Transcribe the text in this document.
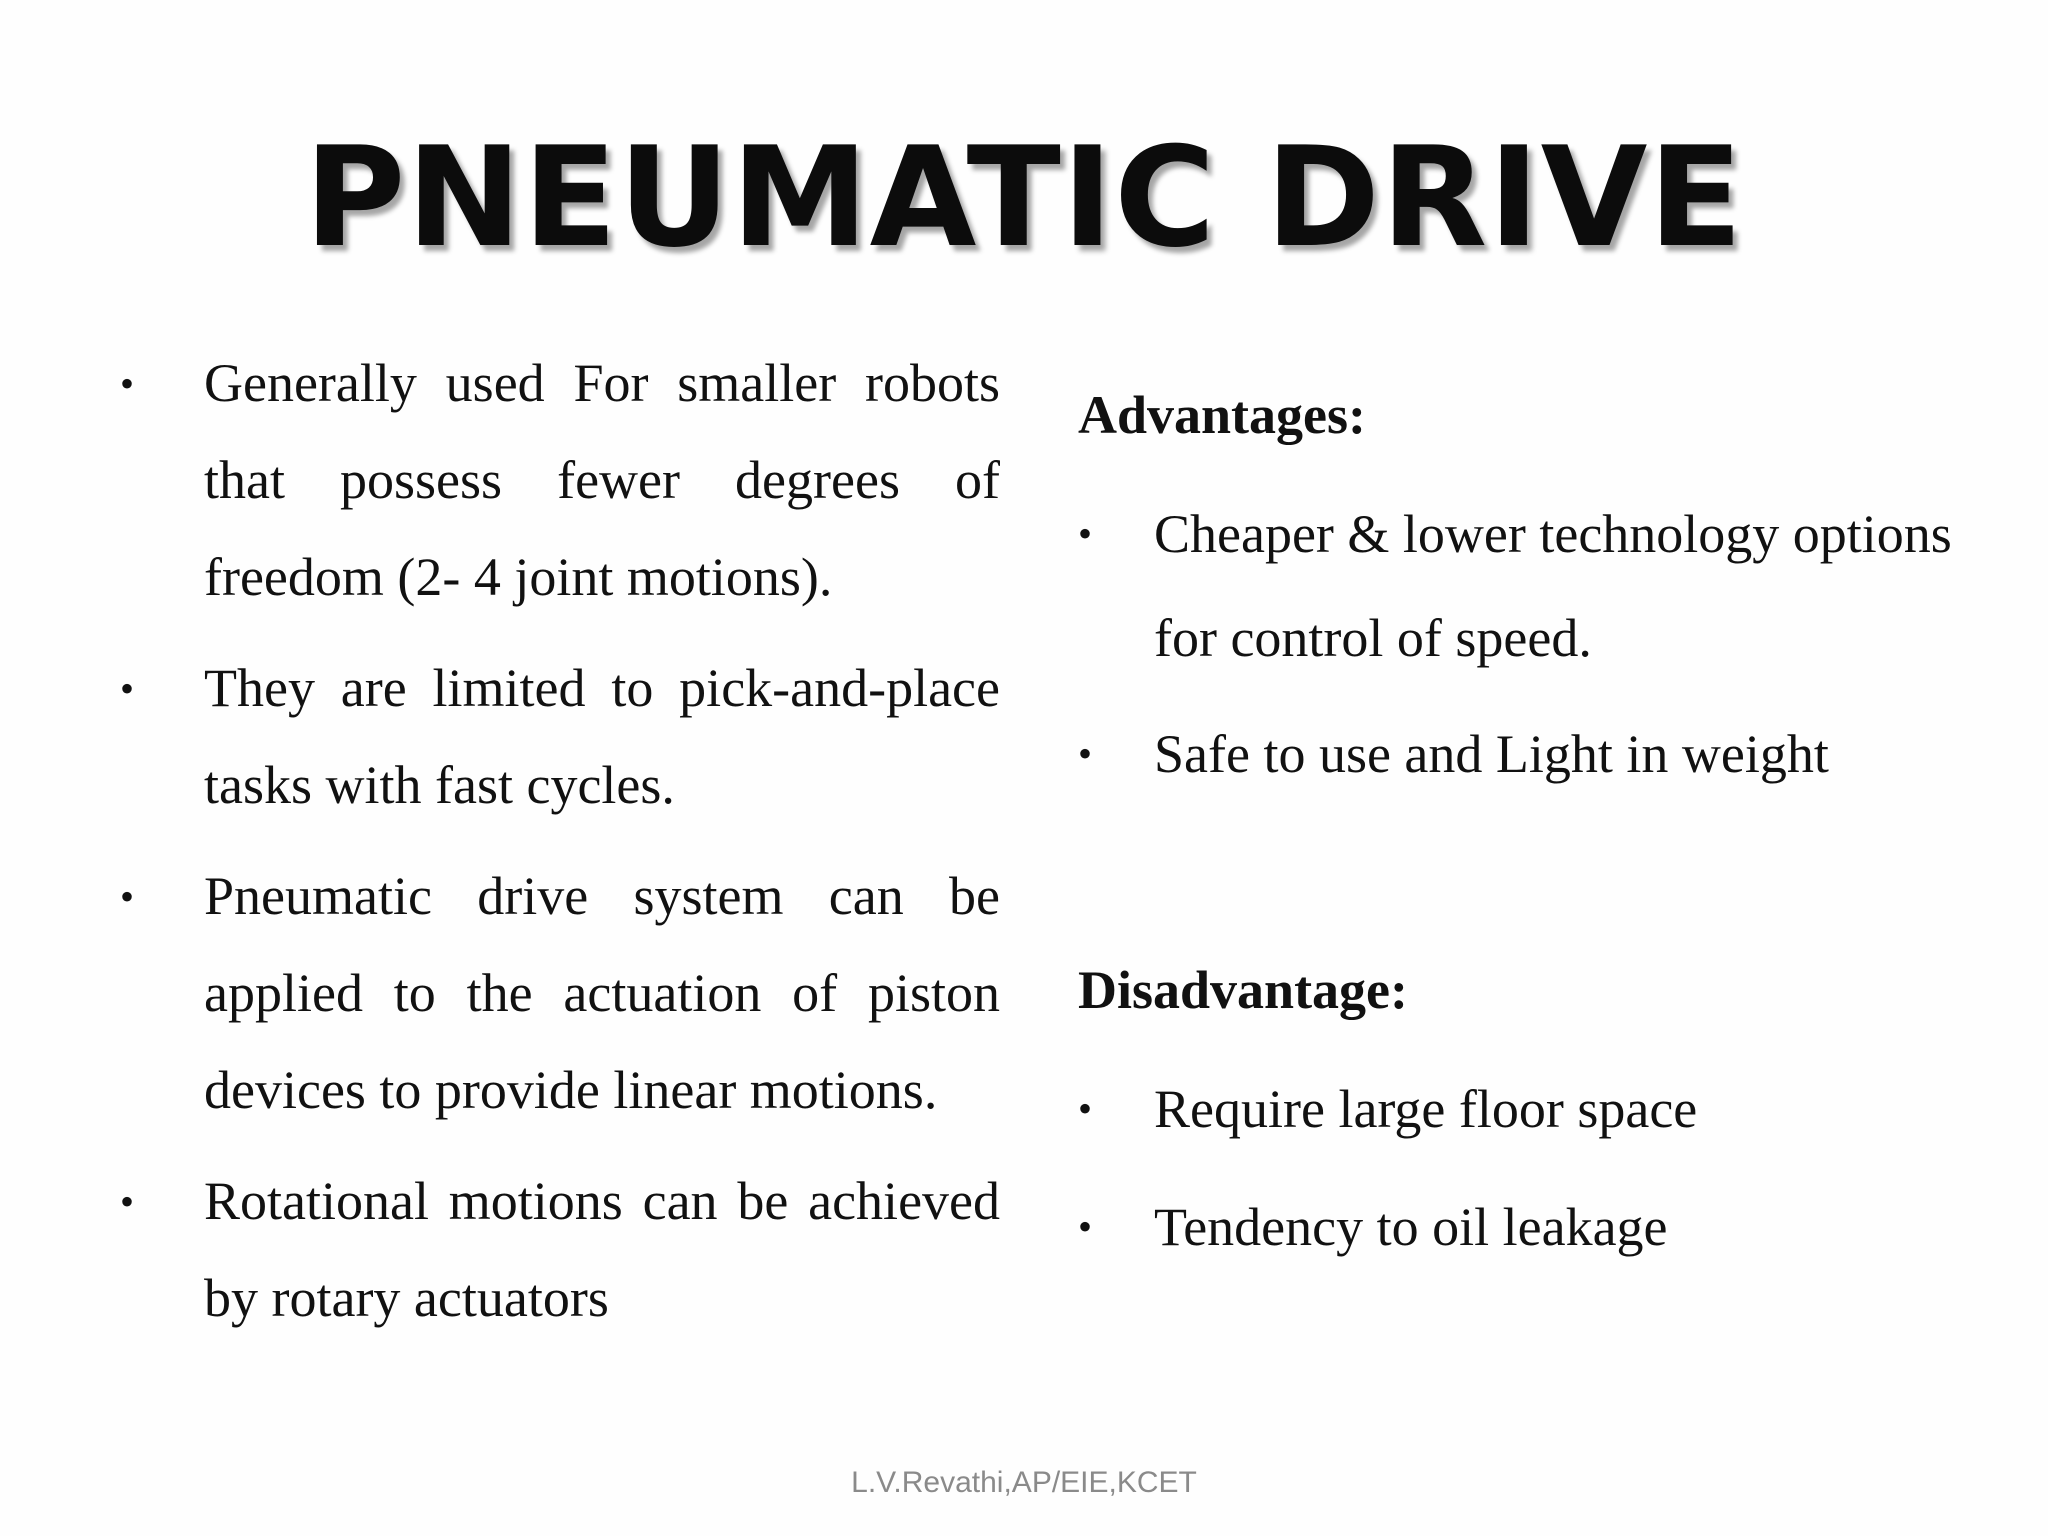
PNEUMATIC DRIVE
• Generally used For smaller robots that possess fewer degrees of freedom (2- 4 joint motions).
• They are limited to pick-and-place tasks with fast cycles.
• Pneumatic drive system can be applied to the actuation of piston devices to provide linear motions.
• Rotational motions can be achieved by rotary actuators
Advantages:
• Cheaper & lower technology options for control of speed.
• Safe to use and Light in weight
Disadvantage:
• Require large floor space
• Tendency to oil leakage
L.V.Revathi,AP/EIE,KCET
